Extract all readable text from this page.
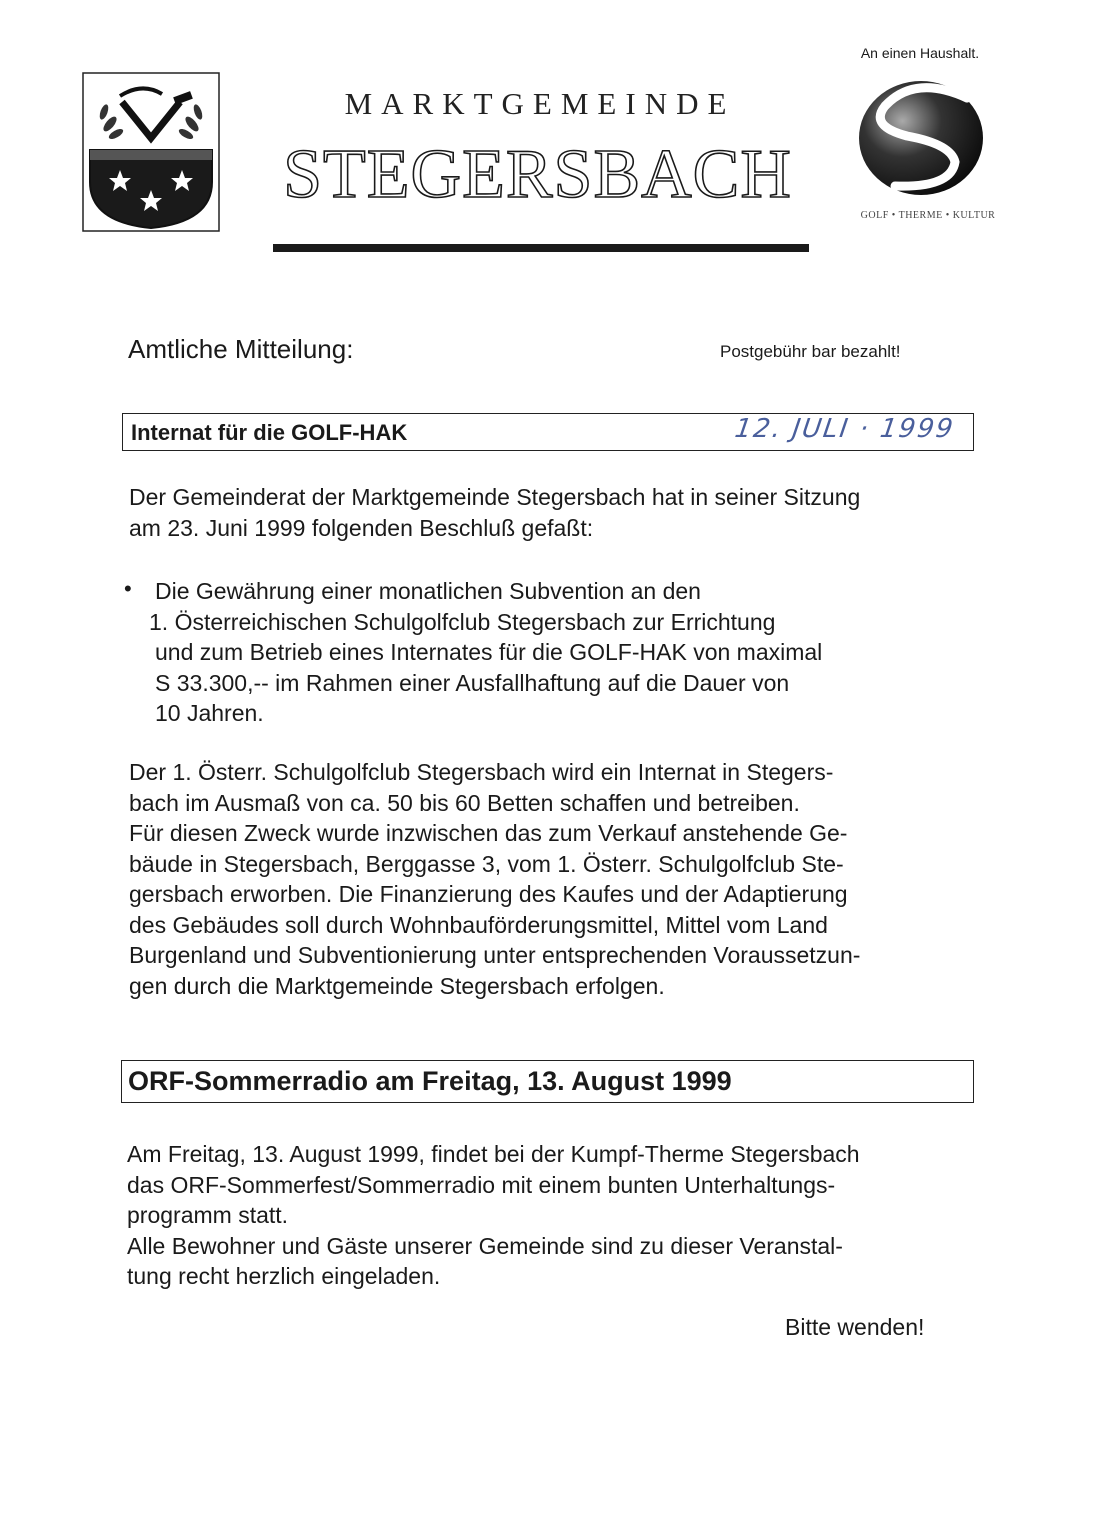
MARKTGEMEINDE
STEGERSBACH
An einen Haushalt.
GOLF • THERME • KULTUR
Amtliche Mitteilung:	Postgebühr bar bezahlt!
Internat für die GOLF-HAK	12. JULI · 1999
Der Gemeinderat der Marktgemeinde Stegersbach hat in seiner Sitzung
am 23. Juni 1999 folgenden Beschluß gefaßt:
• Die Gewährung einer monatlichen Subvention an den
1. Österreichischen Schulgolfclub Stegersbach zur Errichtung
und zum Betrieb eines Internates für die GOLF-HAK von maximal
S 33.300,-- im Rahmen einer Ausfallhaftung auf die Dauer von
10 Jahren.
Der 1. Österr. Schulgolfclub Stegersbach wird ein Internat in Stegers-
bach im Ausmaß von ca. 50 bis 60 Betten schaffen und betreiben.
Für diesen Zweck wurde inzwischen das zum Verkauf anstehende Ge-
bäude in Stegersbach, Berggasse 3, vom 1. Österr. Schulgolfclub Ste-
gersbach erworben. Die Finanzierung des Kaufes und der Adaptierung
des Gebäudes soll durch Wohnbauförderungsmittel, Mittel vom Land
Burgenland und Subventionierung unter entsprechenden Voraussetzun-
gen durch die Marktgemeinde Stegersbach erfolgen.
ORF-Sommerradio am Freitag, 13. August 1999
Am Freitag, 13. August 1999, findet bei der Kumpf-Therme Stegersbach
das ORF-Sommerfest/Sommerradio mit einem bunten Unterhaltungs-
programm statt.
Alle Bewohner und Gäste unserer Gemeinde sind zu dieser Veranstal-
tung recht herzlich eingeladen.
Bitte wenden!
